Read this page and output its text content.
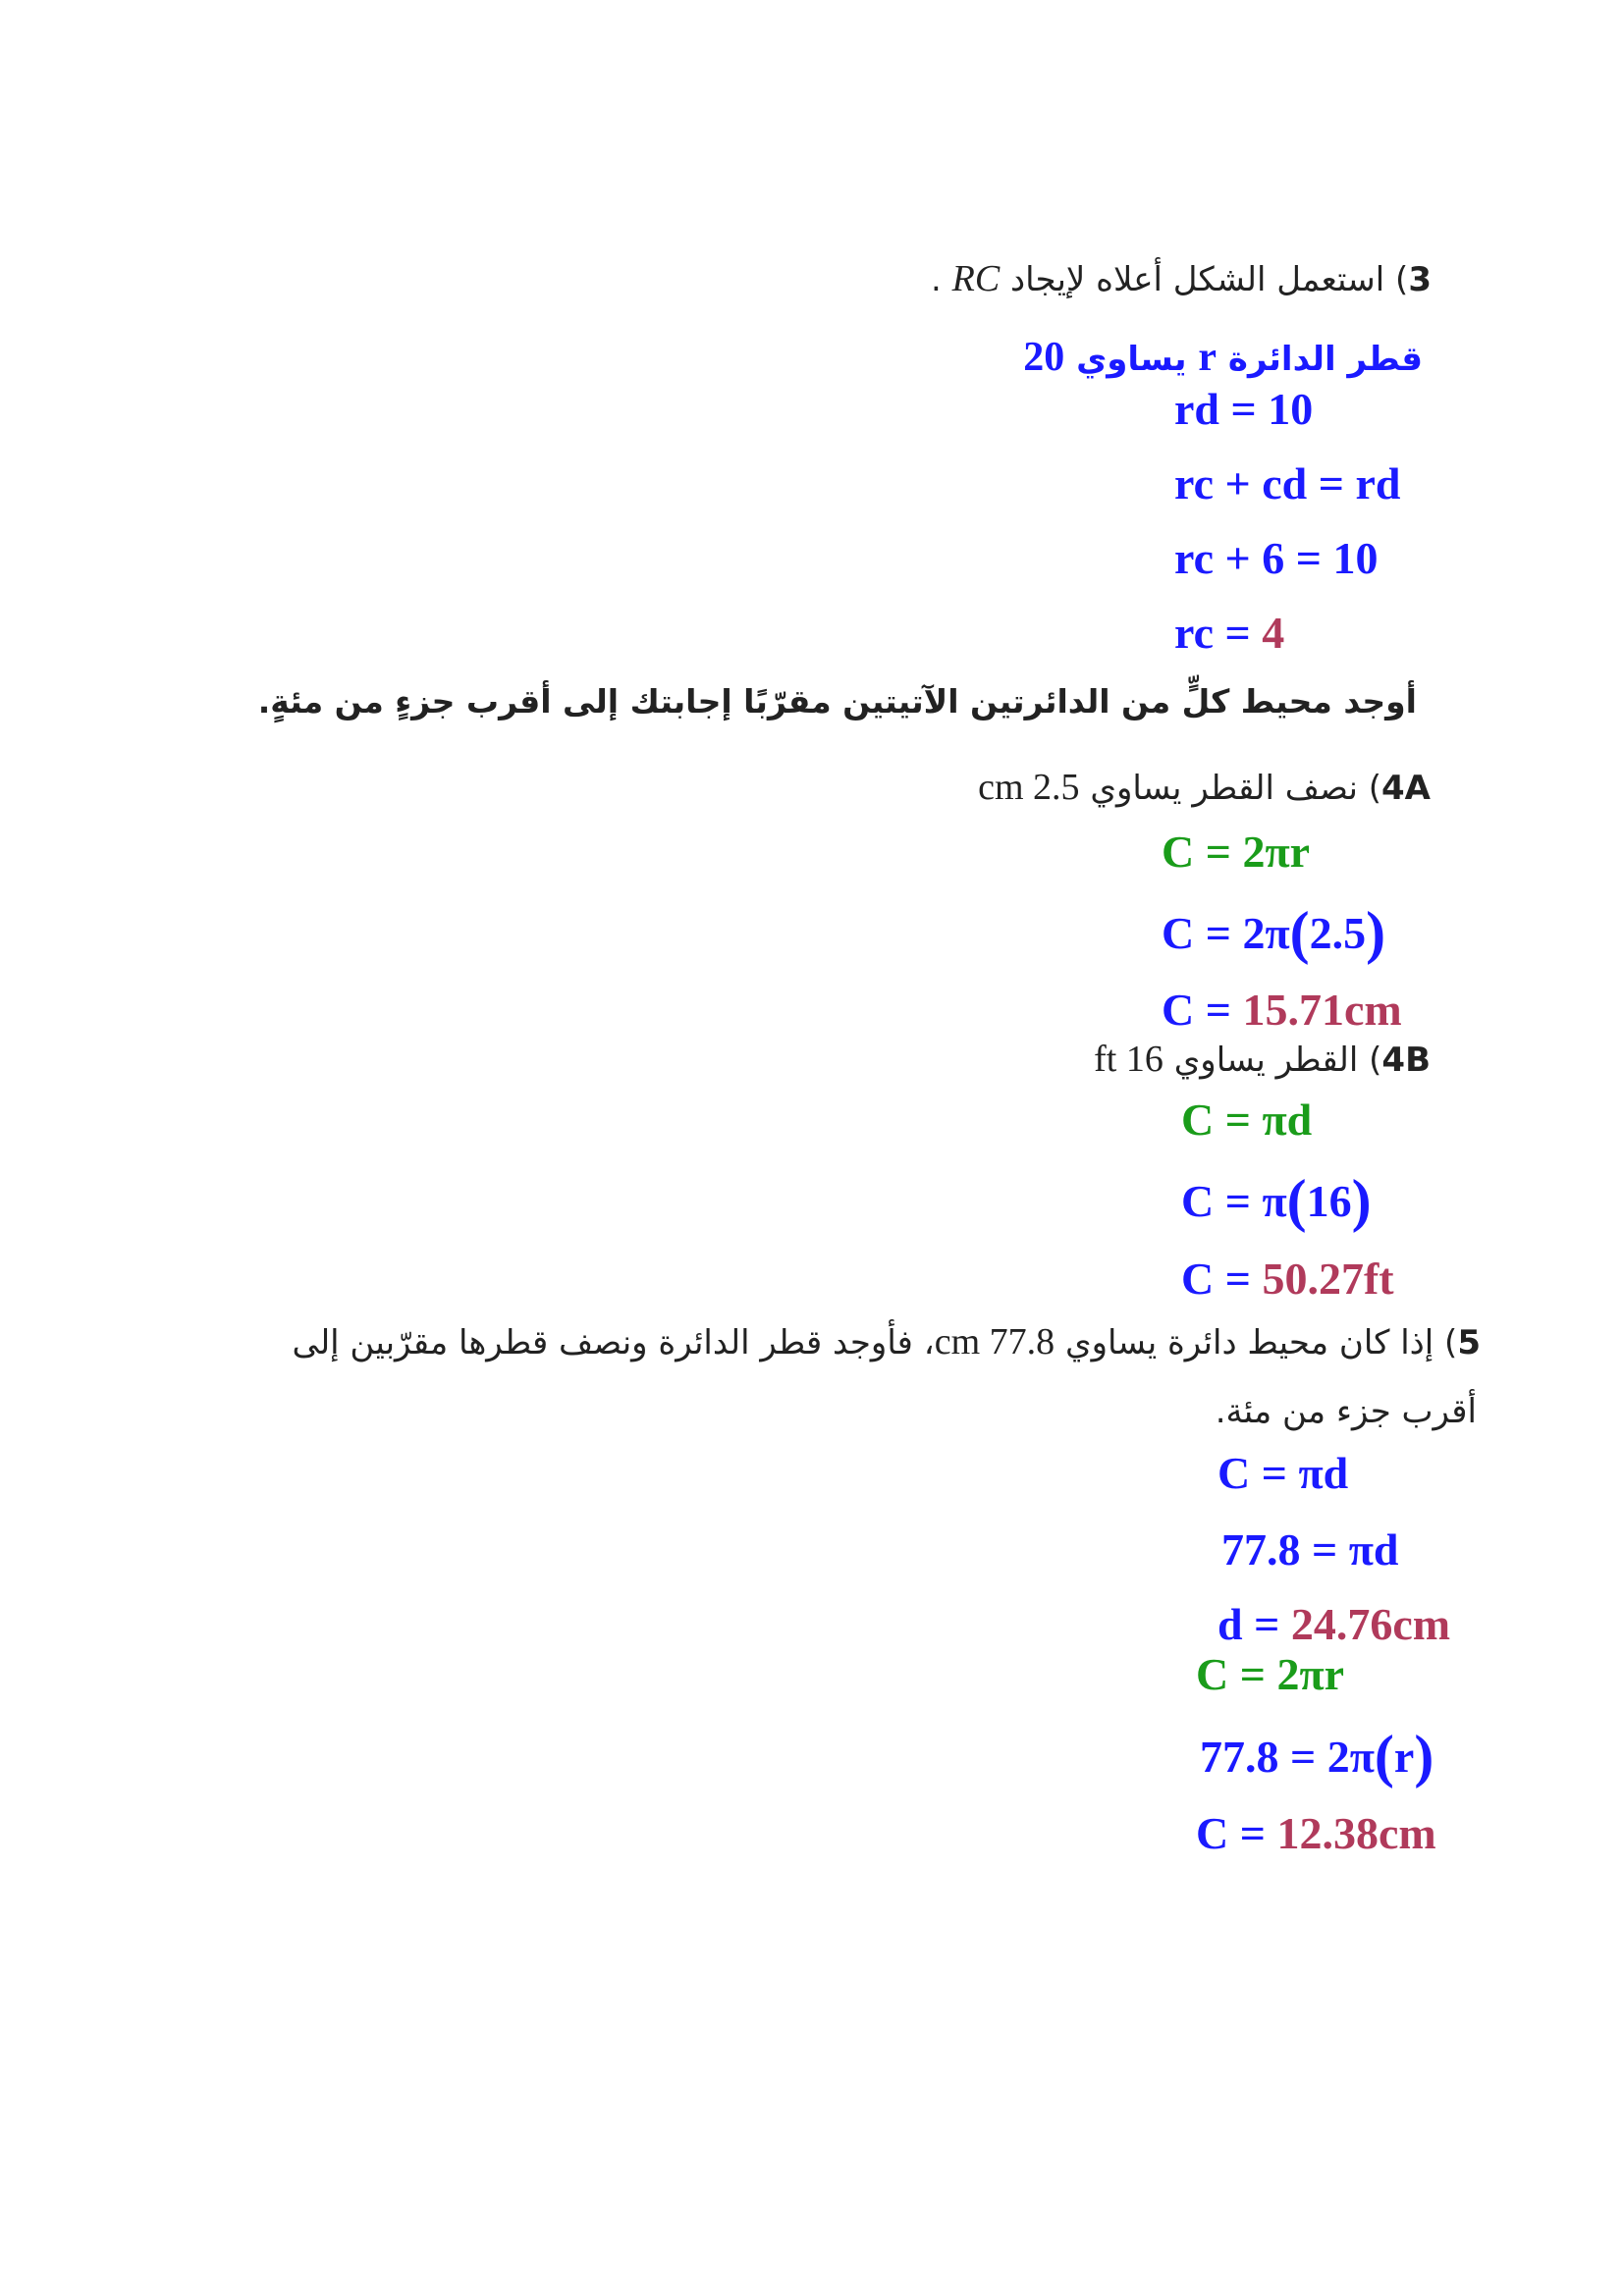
3) استعمل الشكل أعلاه لإيجاد RC .
قطر الدائرة r يساوي 20
rd = 10
rc + cd = rd
rc + 6 = 10
rc = 4
أوجد محيط كلٍّ من الدائرتين الآتيتين مقرّبًا إجابتك إلى أقرب جزءٍ من مئةٍ.
4A) نصف القطر يساوي 2.5 cm
C = 2πr
C = 2π(2.5)
C = 15.71cm
4B) القطر يساوي 16 ft
C = πd
C = π(16)
C = 50.27ft
5) إذا كان محيط دائرة يساوي 77.8 cm، فأوجد قطر الدائرة ونصف قطرها مقرّبين إلى
أقرب جزء من مئة.
C = πd
77.8 = πd
d = 24.76cm
C = 2πr
77.8 = 2π(r)
C = 12.38cm
